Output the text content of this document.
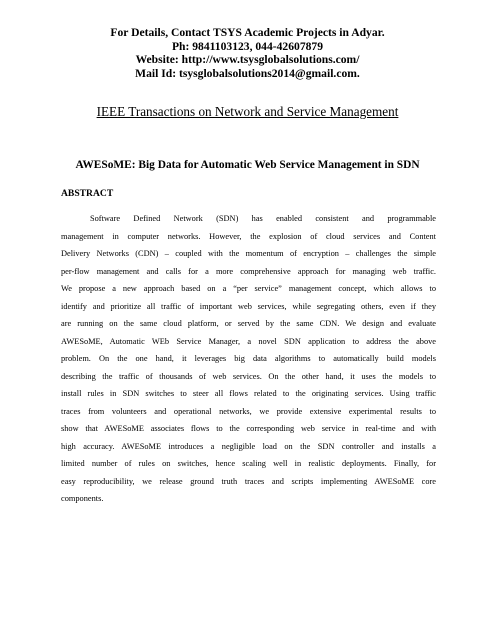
For Details, Contact TSYS Academic Projects in Adyar.
Ph: 9841103123, 044-42607879
Website: http://www.tsysglobalsolutions.com/
Mail Id: tsysglobalsolutions2014@gmail.com.
IEEE Transactions on Network and Service Management
AWESoME: Big Data for Automatic Web Service Management in SDN
ABSTRACT
Software Defined Network (SDN) has enabled consistent and programmable
management in computer networks. However, the explosion of cloud services and Content
Delivery Networks (CDN) – coupled with the momentum of encryption – challenges the simple
per-flow management and calls for a more comprehensive approach for managing web traffic.
We propose a new approach based on a “per service” management concept, which allows to
identify and prioritize all traffic of important web services, while segregating others, even if they
are running on the same cloud platform, or served by the same CDN. We design and evaluate
AWESoME, Automatic WEb Service Manager, a novel SDN application to address the above
problem. On the one hand, it leverages big data algorithms to automatically build models
describing the traffic of thousands of web services. On the other hand, it uses the models to
install rules in SDN switches to steer all flows related to the originating services. Using traffic
traces from volunteers and operational networks, we provide extensive experimental results to
show that AWESoME associates flows to the corresponding web service in real-time and with
high accuracy. AWESoME introduces a negligible load on the SDN controller and installs a
limited number of rules on switches, hence scaling well in realistic deployments. Finally, for
easy reproducibility, we release ground truth traces and scripts implementing AWESoME core
components.
